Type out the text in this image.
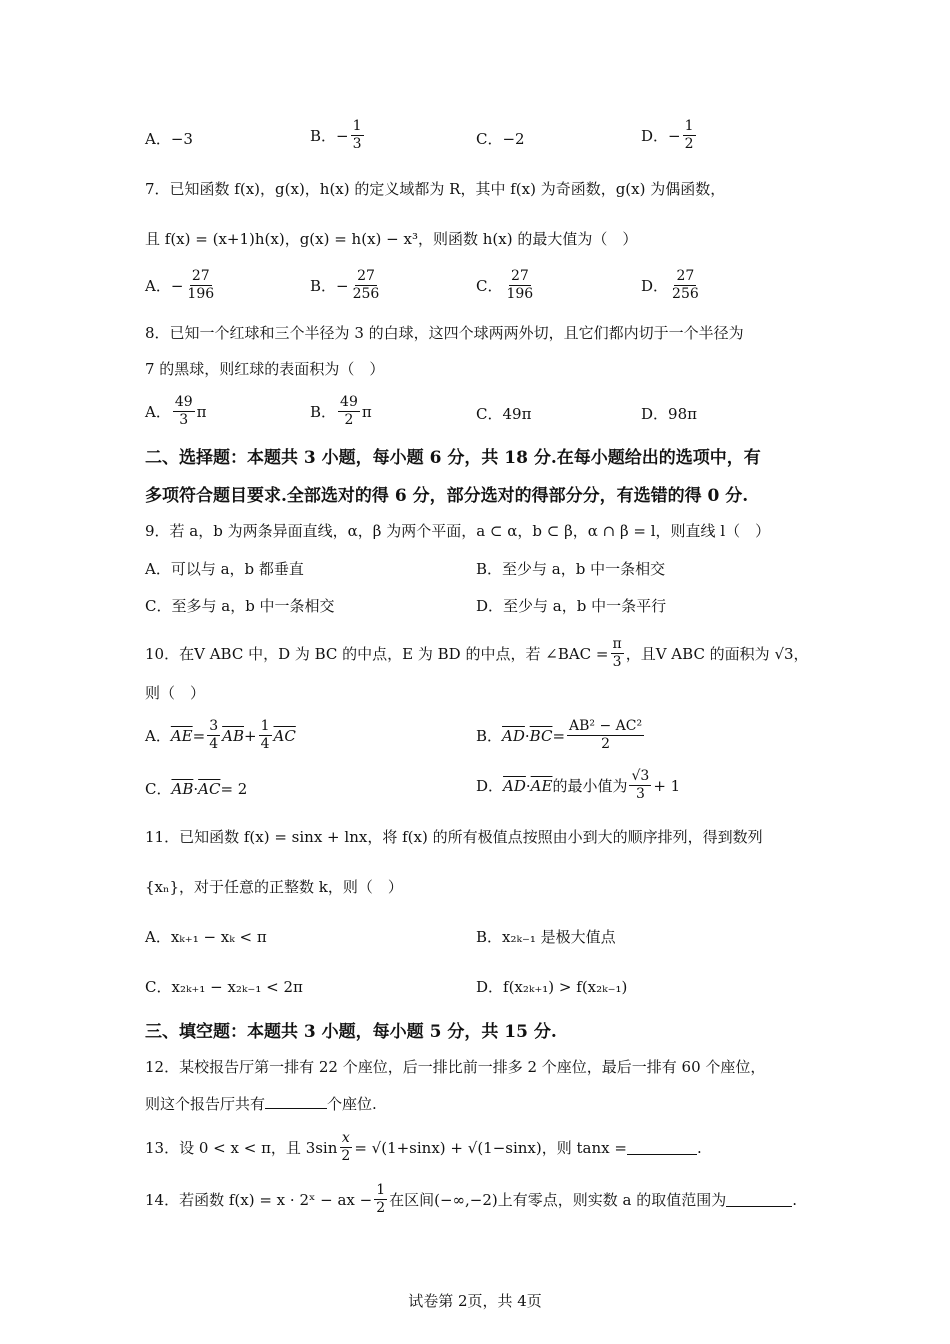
A． −3	B． − $\frac{1}{3}$	C． −2	D． − $\frac{1}{2}$
7．已知函数 f(x)，g(x)，h(x) 的定义域都为 R，其中 f(x) 为奇函数，g(x) 为偶函数，
且 f(x) = (x+1)h(x)，g(x) = h(x) − x³，则函数 h(x) 的最大值为（　）
A． − $\frac{27}{196}$	B． − $\frac{27}{256}$	C． $\frac{27}{196}$	D． $\frac{27}{256}$
8．已知一个红球和三个半径为 3 的白球，这四个球两两外切，且它们都内切于一个半径为
7 的黑球，则红球的表面积为（　）
A． $\frac{49}{3}$ π	B． $\frac{49}{2}$ π	C． 49π	D． 98π
二、选择题：本题共 3 小题，每小题 6 分，共 18 分.在每小题给出的选项中，有
多项符合题目要求.全部选对的得 6 分，部分选对的得部分分，有选错的得 0 分.
9．若 a，b 为两条异面直线，α，β 为两个平面，a ⊂ α，b ⊂ β，α ∩ β = l，则直线 l（　）
A．可以与 a，b 都垂直	B．至少与 a，b 中一条相交
C．至多与 a，b 中一条相交	D．至少与 a，b 中一条平行
10．在V ABC 中，D 为 BC 的中点，E 为 BD 的中点，若 ∠BAC = $\frac{\pi}{3}$ ，且V ABC 的面积为 √3，
则（　）
A． $\overline{AE} = \frac{3}{4} \overline{AB} + \frac{1}{4} \overline{AC}$	B． $\overline{AD} \cdot \overline{BC} = \frac{\text{AB² − AC²}}{2}$
C． $\overline{AB} \cdot \overline{AC} = 2$	D． $\overline{AD} \cdot \overline{AE}$ 的最小值为 $\frac{√3}{3} + 1$
11．已知函数 f(x) = sinx + lnx，将 f(x) 的所有极值点按照由小到大的顺序排列，得到数列
{xₙ}，对于任意的正整数 k，则（　）
A． xₖ₊₁ − xₖ < π	B． x₂ₖ₋₁ 是极大值点
C． x₂ₖ₊₁ − x₂ₖ₋₁ < 2π	D． f(x₂ₖ₊₁) > f(x₂ₖ₋₁)
三、填空题：本题共 3 小题，每小题 5 分，共 15 分.
12．某校报告厅第一排有 22 个座位，后一排比前一排多 2 个座位，最后一排有 60 个座位，
则这个报告厅共有	个座位.
13．设 0 < x < π，且 $3\sin \frac{x}{2} = √(1+\sin x) + √(1-\sin x)$，则 tanx =	.
14．若函数 f(x) = x · 2ˣ − ax − $\frac{1}{2}$ 在区间(−∞,−2)上有零点，则实数 a 的取值范围为	.
试卷第 2页，共 4页
